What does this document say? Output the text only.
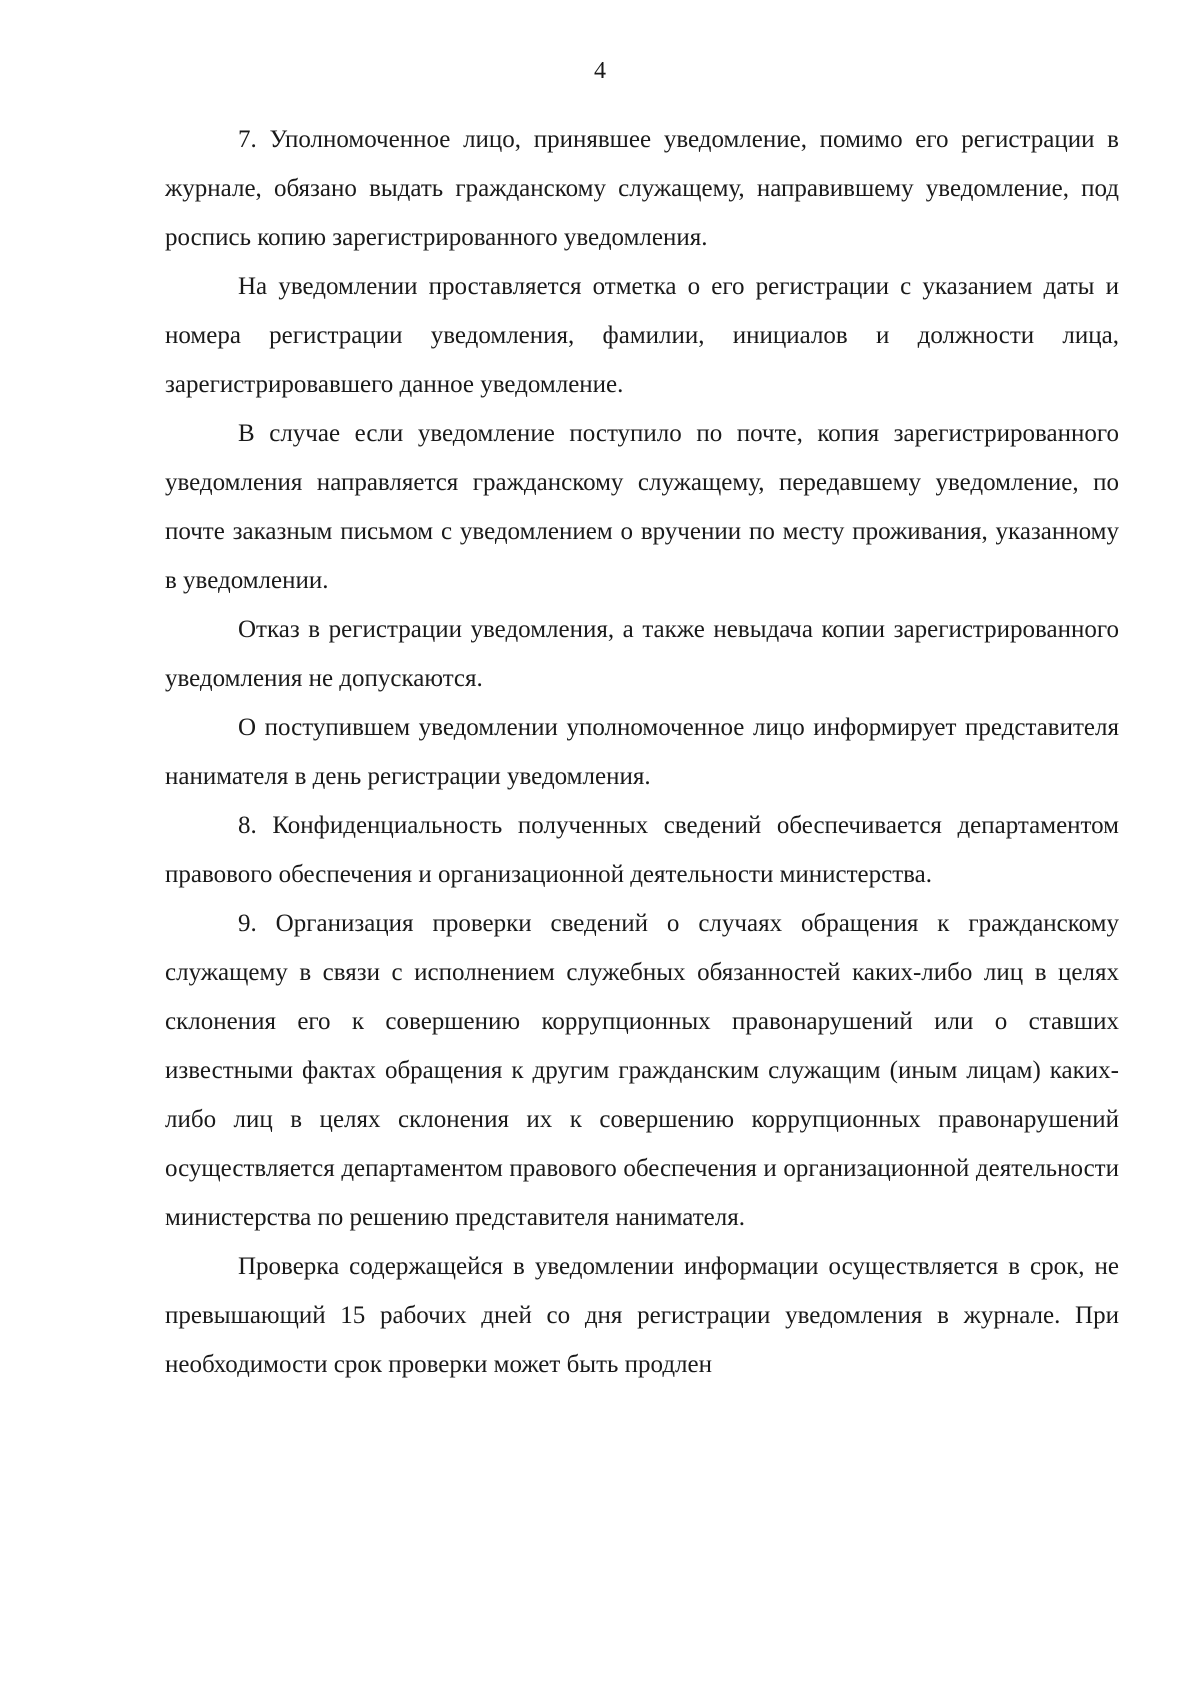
4

7. Уполномоченное лицо, принявшее уведомление, помимо его регистрации в журнале, обязано выдать гражданскому служащему, направившему уведомление, под роспись копию зарегистрированного уведомления.

На уведомлении проставляется отметка о его регистрации с указанием даты и номера регистрации уведомления, фамилии, инициалов и должности лица, зарегистрировавшего данное уведомление.

В случае если уведомление поступило по почте, копия зарегистрированного уведомления направляется гражданскому служащему, передавшему уведомление, по почте заказным письмом с уведомлением о вручении по месту проживания, указанному в уведомлении.

Отказ в регистрации уведомления, а также невыдача копии зарегистрированного уведомления не допускаются.

О поступившем уведомлении уполномоченное лицо информирует представителя нанимателя в день регистрации уведомления.

8. Конфиденциальность полученных сведений обеспечивается департаментом правового обеспечения и организационной деятельности министерства.

9. Организация проверки сведений о случаях обращения к гражданскому служащему в связи с исполнением служебных обязанностей каких-либо лиц в целях склонения его к совершению коррупционных правонарушений или о ставших известными фактах обращения к другим гражданским служащим (иным лицам) каких-либо лиц в целях склонения их к совершению коррупционных правонарушений осуществляется департаментом правового обеспечения и организационной деятельности министерства по решению представителя нанимателя.

Проверка содержащейся в уведомлении информации осуществляется в срок, не превышающий 15 рабочих дней со дня регистрации уведомления в журнале. При необходимости срок проверки может быть продлен
